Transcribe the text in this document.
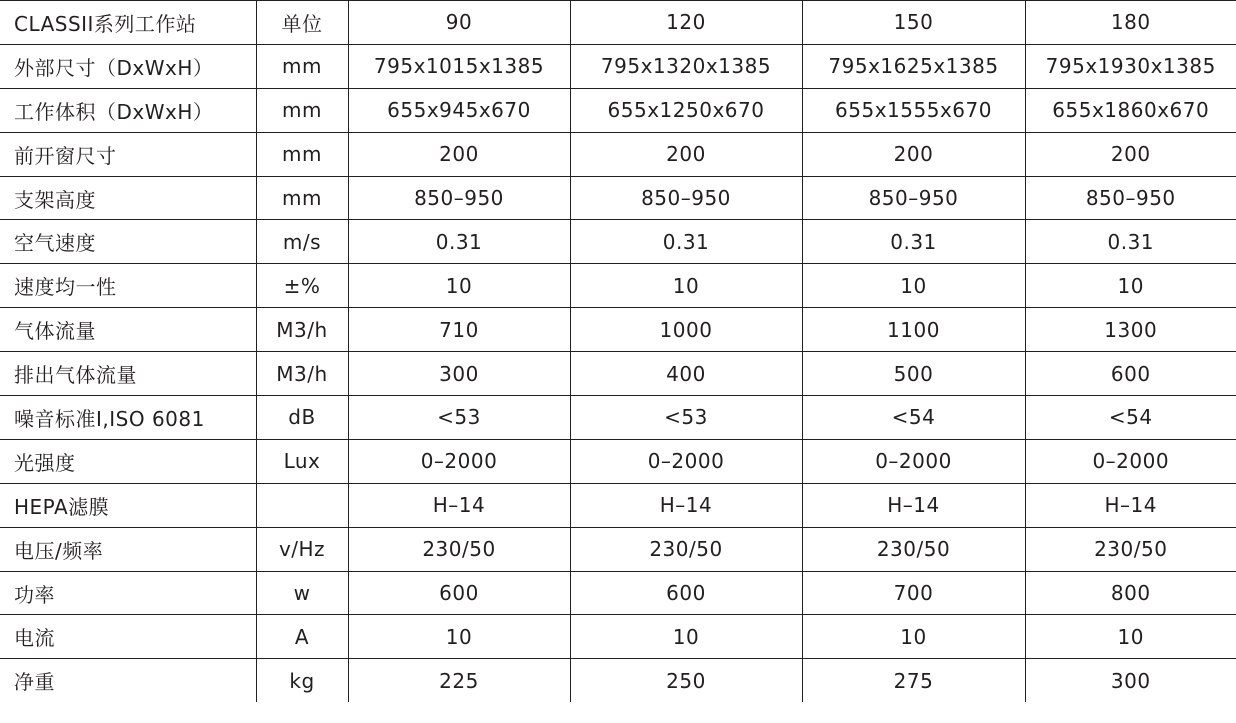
CLASSII系列工作站	单位	90	120	150	180
外部尺寸（DxWxH）	mm	795x1015x1385	795x1320x1385	795x1625x1385	795x1930x1385
工作体积（DxWxH）	mm	655x945x670	655x1250x670	655x1555x670	655x1860x670
前开窗尺寸	mm	200	200	200	200
支架高度	mm	850–950	850–950	850–950	850–950
空气速度	m/s	0.31	0.31	0.31	0.31
速度均一性	±%	10	10	10	10
气体流量	M3/h	710	1000	1100	1300
排出气体流量	M3/h	300	400	500	600
噪音标准I,ISO 6081	dB	<53	<53	<54	<54
光强度	Lux	0–2000	0–2000	0–2000	0–2000
HEPA滤膜		H–14	H–14	H–14	H–14
电压/频率	v/Hz	230/50	230/50	230/50	230/50
功率	w	600	600	700	800
电流	A	10	10	10	10
净重	kg	225	250	275	300
